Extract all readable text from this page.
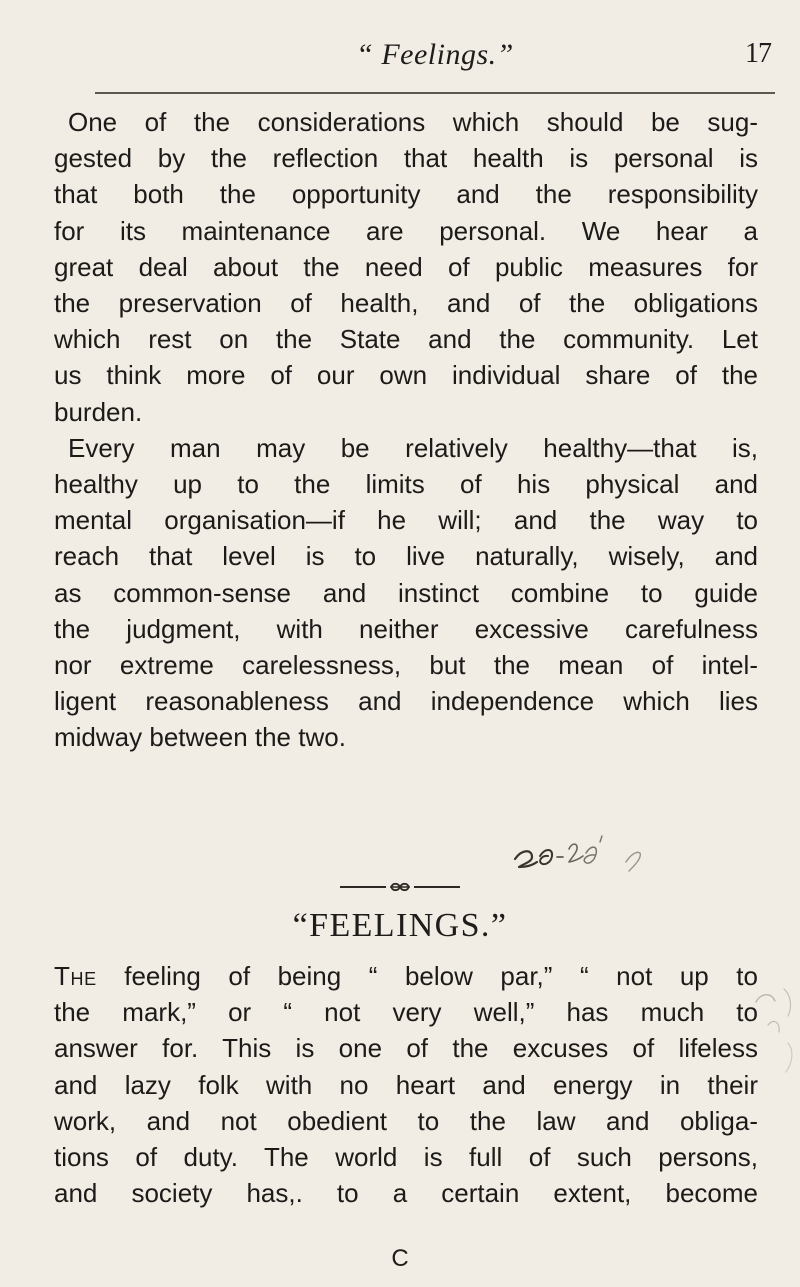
“ Feelings.”	17
One of the considerations which should be sug-
gested by the reflection that health is personal is
that both the opportunity and the responsibility
for its maintenance are personal. We hear a
great deal about the need of public measures for
the preservation of health, and of the obligations
which rest on the State and the community. Let
us think more of our own individual share of the
burden.
Every man may be relatively healthy—that is,
healthy up to the limits of his physical and
mental organisation—if he will; and the way to
reach that level is to live naturally, wisely, and
as common-sense and instinct combine to guide
the judgment, with neither excessive carefulness
nor extreme carelessness, but the mean of intel-
ligent reasonableness and independence which lies
midway between the two.
“FEELINGS.”
The feeling of being “ below par,” “ not up to
the mark,” or “ not very well,” has much to
answer for. This is one of the excuses of lifeless
and lazy folk with no heart and energy in their
work, and not obedient to the law and obliga-
tions of duty. The world is full of such persons,
and society has,. to a certain extent, become
C
